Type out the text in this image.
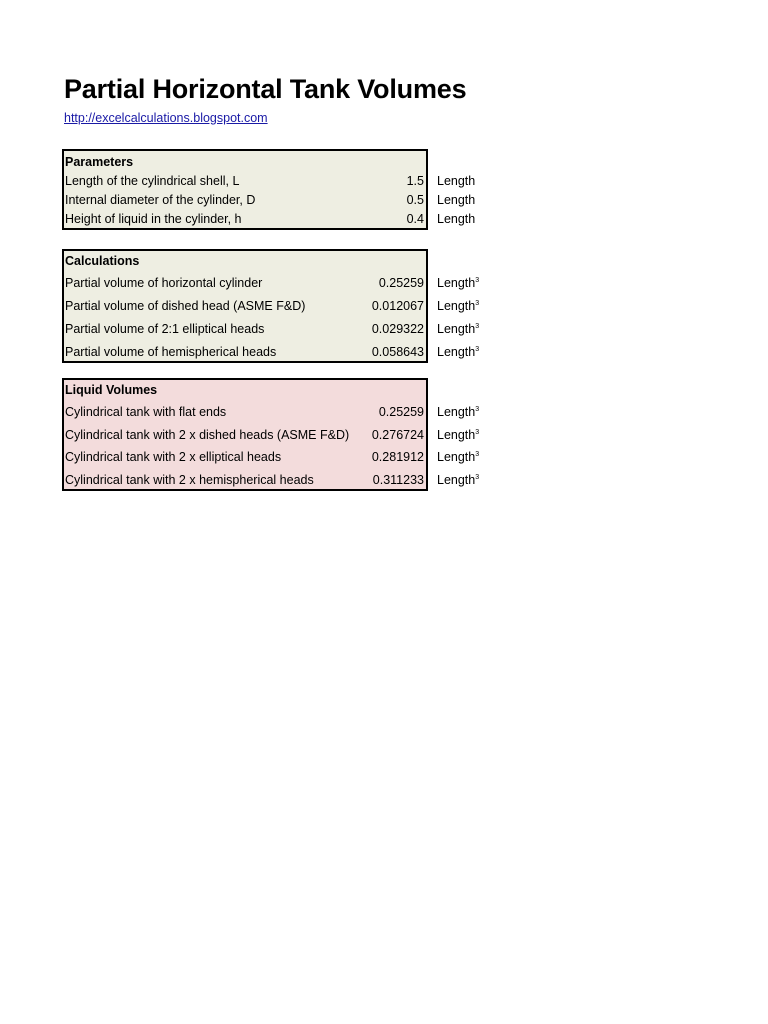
Partial Horizontal Tank Volumes
http://excelcalculations.blogspot.com
Parameters
Length of the cylindrical shell, L	1.5 Length
Internal diameter of the cylinder, D	0.5 Length
Height of liquid in the cylinder, h	0.4 Length
Calculations
Partial volume of horizontal cylinder	0.25259 Length$^3$
Partial volume of dished head (ASME F&D)	0.012067 Length$^3$
Partial volume of 2:1 elliptical heads	0.029322 Length$^3$
Partial volume of hemispherical heads	0.058643 Length$^3$
Liquid Volumes
Cylindrical tank with flat ends	0.25259 Length$^3$
Cylindrical tank with 2 x dished heads (ASME F&D) 0.276724 Length$^3$
Cylindrical tank with 2 x elliptical heads	0.281912 Length$^3$
Cylindrical tank with 2 x hemispherical heads	0.311233 Length$^3$
